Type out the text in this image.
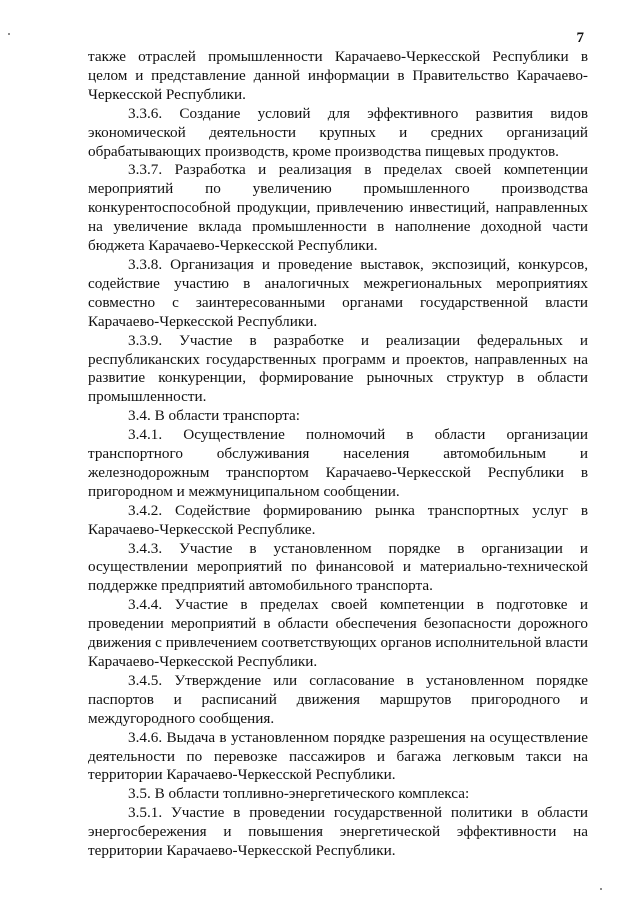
7

также отраслей промышленности Карачаево-Черкесской Республики в целом и представление данной информации в Правительство Карачаево-Черкесской Республики.

3.3.6. Создание условий для эффективного развития видов экономической деятельности крупных и средних организаций обрабатывающих производств, кроме производства пищевых продуктов.

3.3.7. Разработка и реализация в пределах своей компетенции мероприятий по увеличению промышленного производства конкурентоспособной продукции, привлечению инвестиций, направленных на увеличение вклада промышленности в наполнение доходной части бюджета Карачаево-Черкесской Республики.

3.3.8. Организация и проведение выставок, экспозиций, конкурсов, содействие участию в аналогичных межрегиональных мероприятиях совместно с заинтересованными органами государственной власти Карачаево-Черкесской Республики.

3.3.9. Участие в разработке и реализации федеральных и республиканских государственных программ и проектов, направленных на развитие конкуренции, формирование рыночных структур в области промышленности.

3.4. В области транспорта:

3.4.1. Осуществление полномочий в области организации транспортного обслуживания населения автомобильным и железнодорожным транспортом Карачаево-Черкесской Республики в пригородном и межмуниципальном сообщении.

3.4.2. Содействие формированию рынка транспортных услуг в Карачаево-Черкесской Республике.

3.4.3. Участие в установленном порядке в организации и осуществлении мероприятий по финансовой и материально-технической поддержке предприятий автомобильного транспорта.

3.4.4. Участие в пределах своей компетенции в подготовке и проведении мероприятий в области обеспечения безопасности дорожного движения с привлечением соответствующих органов исполнительной власти Карачаево-Черкесской Республики.

3.4.5. Утверждение или согласование в установленном порядке паспортов и расписаний движения маршрутов пригородного и междугородного сообщения.

3.4.6. Выдача в установленном порядке разрешения на осуществление деятельности по перевозке пассажиров и багажа легковым такси на территории Карачаево-Черкесской Республики.

3.5. В области топливно-энергетического комплекса:

3.5.1. Участие в проведении государственной политики в области энергосбережения и повышения энергетической эффективности на территории Карачаево-Черкесской Республики.
